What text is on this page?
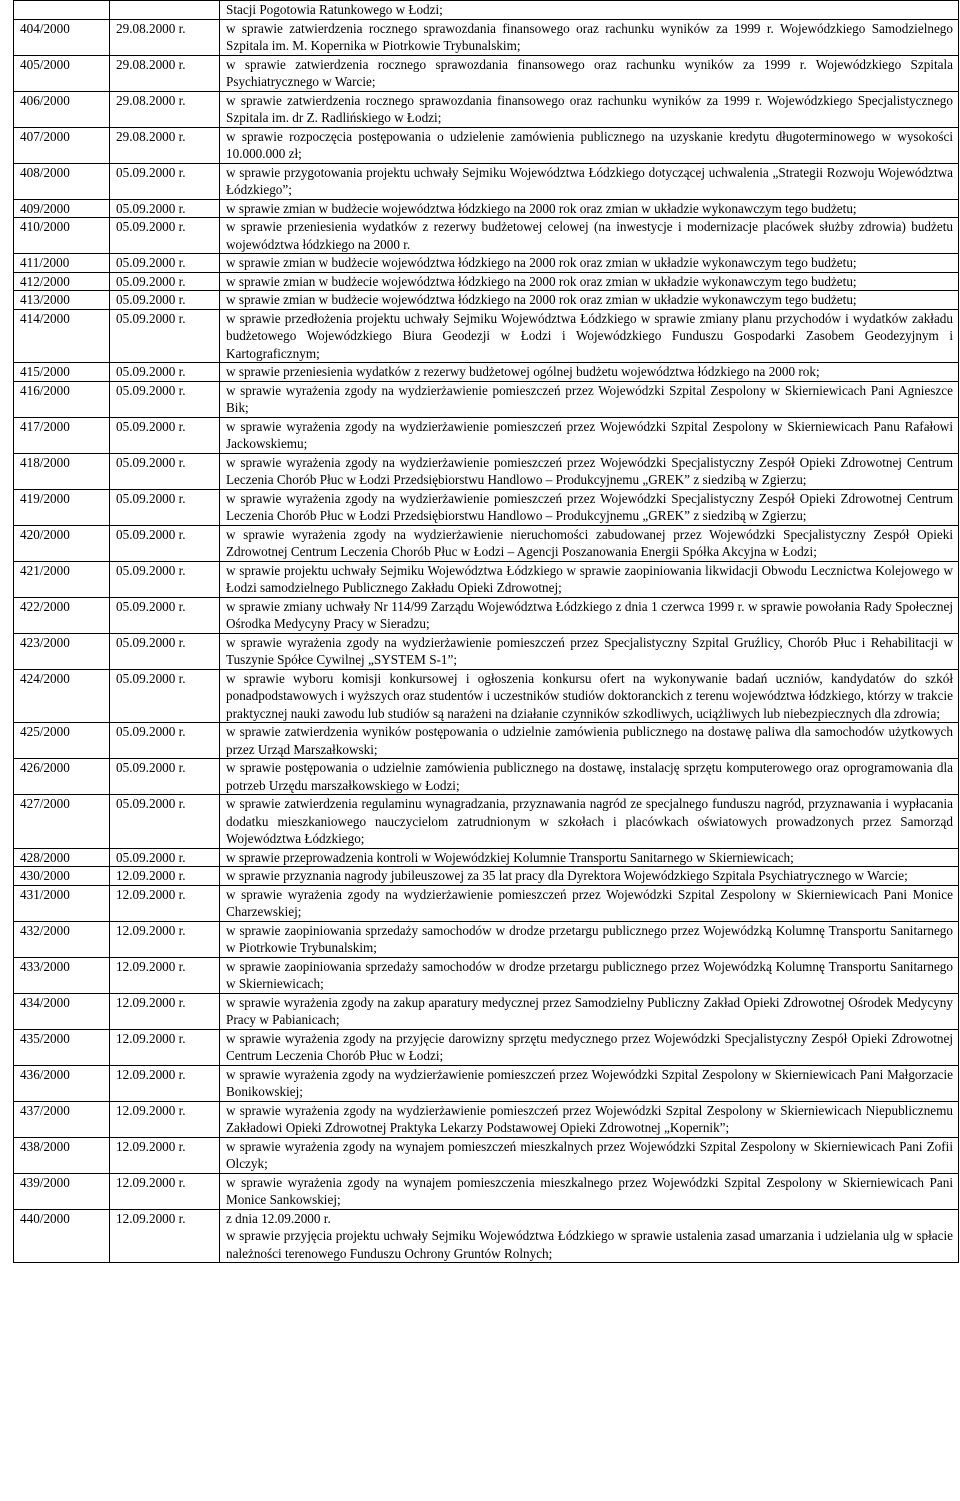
		Stacji Pogotowia Ratunkowego w Łodzi;
404/2000	29.08.2000 r.	w sprawie zatwierdzenia rocznego sprawozdania finansowego oraz rachunku wyników za 1999 r. Wojewódzkiego Samodzielnego Szpitala im. M. Kopernika w Piotrkowie Trybunalskim;
405/2000	29.08.2000 r.	w sprawie zatwierdzenia rocznego sprawozdania finansowego oraz rachunku wyników za 1999 r. Wojewódzkiego Szpitala Psychiatrycznego w Warcie;
406/2000	29.08.2000 r.	w sprawie zatwierdzenia rocznego sprawozdania finansowego oraz rachunku wyników za 1999 r. Wojewódzkiego Specjalistycznego Szpitala im. dr Z. Radlińskiego w Łodzi;
407/2000	29.08.2000 r.	w sprawie rozpoczęcia postępowania o udzielenie zamówienia publicznego na uzyskanie kredytu długoterminowego w wysokości 10.000.000 zł;
408/2000	05.09.2000 r.	w sprawie przygotowania projektu uchwały Sejmiku Województwa Łódzkiego dotyczącej uchwalenia „Strategii Rozwoju Województwa Łódzkiego”;
409/2000	05.09.2000 r.	w sprawie zmian w budżecie województwa łódzkiego na 2000 rok oraz zmian w układzie wykonawczym tego budżetu;
410/2000	05.09.2000 r.	w sprawie przeniesienia wydatków z rezerwy budżetowej celowej (na inwestycje i modernizacje placówek służby zdrowia) budżetu województwa łódzkiego na 2000 r.
411/2000	05.09.2000 r.	w sprawie zmian w budżecie województwa łódzkiego na 2000 rok oraz zmian w układzie wykonawczym tego budżetu;
412/2000	05.09.2000 r.	w sprawie zmian w budżecie województwa łódzkiego na 2000 rok oraz zmian w układzie wykonawczym tego budżetu;
413/2000	05.09.2000 r.	w sprawie zmian w budżecie województwa łódzkiego na 2000 rok oraz zmian w układzie wykonawczym tego budżetu;
414/2000	05.09.2000 r.	w sprawie przedłożenia projektu uchwały Sejmiku Województwa Łódzkiego w sprawie zmiany planu przychodów i wydatków zakładu budżetowego Wojewódzkiego Biura Geodezji w Łodzi i Wojewódzkiego Funduszu Gospodarki Zasobem Geodezyjnym i Kartograficznym;
415/2000	05.09.2000 r.	w sprawie przeniesienia wydatków z rezerwy budżetowej ogólnej budżetu województwa łódzkiego na 2000 rok;
416/2000	05.09.2000 r.	w sprawie wyrażenia zgody na wydzierżawienie pomieszczeń przez Wojewódzki Szpital Zespolony w Skierniewicach Pani Agnieszce Bik;
417/2000	05.09.2000 r.	w sprawie wyrażenia zgody na wydzierżawienie pomieszczeń przez Wojewódzki Szpital Zespolony w Skierniewicach Panu Rafałowi Jackowskiemu;
418/2000	05.09.2000 r.	w sprawie wyrażenia zgody na wydzierżawienie pomieszczeń przez Wojewódzki Specjalistyczny Zespół Opieki Zdrowotnej Centrum Leczenia Chorób Płuc w Łodzi Przedsiębiorstwu Handlowo – Produkcyjnemu „GREK” z siedzibą w Zgierzu;
419/2000	05.09.2000 r.	w sprawie wyrażenia zgody na wydzierżawienie pomieszczeń przez Wojewódzki Specjalistyczny Zespół Opieki Zdrowotnej Centrum Leczenia Chorób Płuc w Łodzi Przedsiębiorstwu Handlowo – Produkcyjnemu „GREK” z siedzibą w Zgierzu;
420/2000	05.09.2000 r.	w sprawie wyrażenia zgody na wydzierżawienie nieruchomości zabudowanej przez Wojewódzki Specjalistyczny Zespół Opieki Zdrowotnej Centrum Leczenia Chorób Płuc w Łodzi – Agencji Poszanowania Energii Spółka Akcyjna w Łodzi;
421/2000	05.09.2000 r.	w sprawie projektu uchwały Sejmiku Województwa Łódzkiego w sprawie zaopiniowania likwidacji Obwodu Lecznictwa Kolejowego w Łodzi samodzielnego Publicznego Zakładu Opieki Zdrowotnej;
422/2000	05.09.2000 r.	w sprawie zmiany uchwały Nr 114/99 Zarządu Województwa Łódzkiego z dnia 1 czerwca 1999 r. w sprawie powołania Rady Społecznej Ośrodka Medycyny Pracy w Sieradzu;
423/2000	05.09.2000 r.	w sprawie wyrażenia zgody na wydzierżawienie pomieszczeń przez Specjalistyczny Szpital Gruźlicy, Chorób Płuc i Rehabilitacji w Tuszynie Spółce Cywilnej „SYSTEM S-1”;
424/2000	05.09.2000 r.	w sprawie wyboru komisji konkursowej i ogłoszenia konkursu ofert na wykonywanie badań uczniów, kandydatów do szkół ponadpodstawowych i wyższych oraz studentów i uczestników studiów doktoranckich z terenu województwa łódzkiego, którzy w trakcie praktycznej nauki zawodu lub studiów są narażeni na działanie czynników szkodliwych, uciążliwych lub niebezpiecznych dla zdrowia;
425/2000	05.09.2000 r.	w sprawie zatwierdzenia wyników postępowania o udzielnie zamówienia publicznego na dostawę paliwa dla samochodów użytkowych przez Urząd Marszałkowski;
426/2000	05.09.2000 r.	w sprawie postępowania o udzielnie zamówienia publicznego na dostawę, instalację sprzętu komputerowego oraz oprogramowania dla potrzeb Urzędu marszałkowskiego w Łodzi;
427/2000	05.09.2000 r.	w sprawie zatwierdzenia regulaminu wynagradzania, przyznawania nagród ze specjalnego funduszu nagród, przyznawania i wypłacania dodatku mieszkaniowego nauczycielom zatrudnionym w szkołach i placówkach oświatowych prowadzonych przez Samorząd Województwa Łódzkiego;
428/2000	05.09.2000 r.	w sprawie przeprowadzenia kontroli w Wojewódzkiej Kolumnie Transportu Sanitarnego w Skierniewicach;
430/2000	12.09.2000 r.	w sprawie przyznania nagrody jubileuszowej za 35 lat pracy dla Dyrektora Wojewódzkiego Szpitala Psychiatrycznego w Warcie;
431/2000	12.09.2000 r.	w sprawie wyrażenia zgody na wydzierżawienie pomieszczeń przez Wojewódzki Szpital Zespolony w Skierniewicach Pani Monice Charzewskiej;
432/2000	12.09.2000 r.	w sprawie zaopiniowania sprzedaży samochodów w drodze przetargu publicznego przez Wojewódzką Kolumnę Transportu Sanitarnego w Piotrkowie Trybunalskim;
433/2000	12.09.2000 r.	w sprawie zaopiniowania sprzedaży samochodów w drodze przetargu publicznego przez Wojewódzką Kolumnę Transportu Sanitarnego w Skierniewicach;
434/2000	12.09.2000 r.	w sprawie wyrażenia zgody na zakup aparatury medycznej przez Samodzielny Publiczny Zakład Opieki Zdrowotnej Ośrodek Medycyny Pracy w Pabianicach;
435/2000	12.09.2000 r.	w sprawie wyrażenia zgody na przyjęcie darowizny sprzętu medycznego przez Wojewódzki Specjalistyczny Zespół Opieki Zdrowotnej Centrum Leczenia Chorób Płuc w Łodzi;
436/2000	12.09.2000 r.	w sprawie wyrażenia zgody na wydzierżawienie pomieszczeń przez Wojewódzki Szpital Zespolony w Skierniewicach Pani Małgorzacie Bonikowskiej;
437/2000	12.09.2000 r.	w sprawie wyrażenia zgody na wydzierżawienie pomieszczeń przez Wojewódzki Szpital Zespolony w Skierniewicach Niepublicznemu Zakładowi Opieki Zdrowotnej Praktyka Lekarzy Podstawowej Opieki Zdrowotnej „Kopernik”;
438/2000	12.09.2000 r.	w sprawie wyrażenia zgody na wynajem pomieszczeń mieszkalnych przez Wojewódzki Szpital Zespolony w Skierniewicach Pani Zofii Olczyk;
439/2000	12.09.2000 r.	w sprawie wyrażenia zgody na wynajem pomieszczenia mieszkalnego przez Wojewódzki Szpital Zespolony w Skierniewicach Pani Monice Sankowskiej;
440/2000	12.09.2000 r.	z dnia 12.09.2000 r.
w sprawie przyjęcia projektu uchwały Sejmiku Województwa Łódzkiego w sprawie ustalenia zasad umarzania i udzielania ulg w spłacie należności terenowego Funduszu Ochrony Gruntów Rolnych;
